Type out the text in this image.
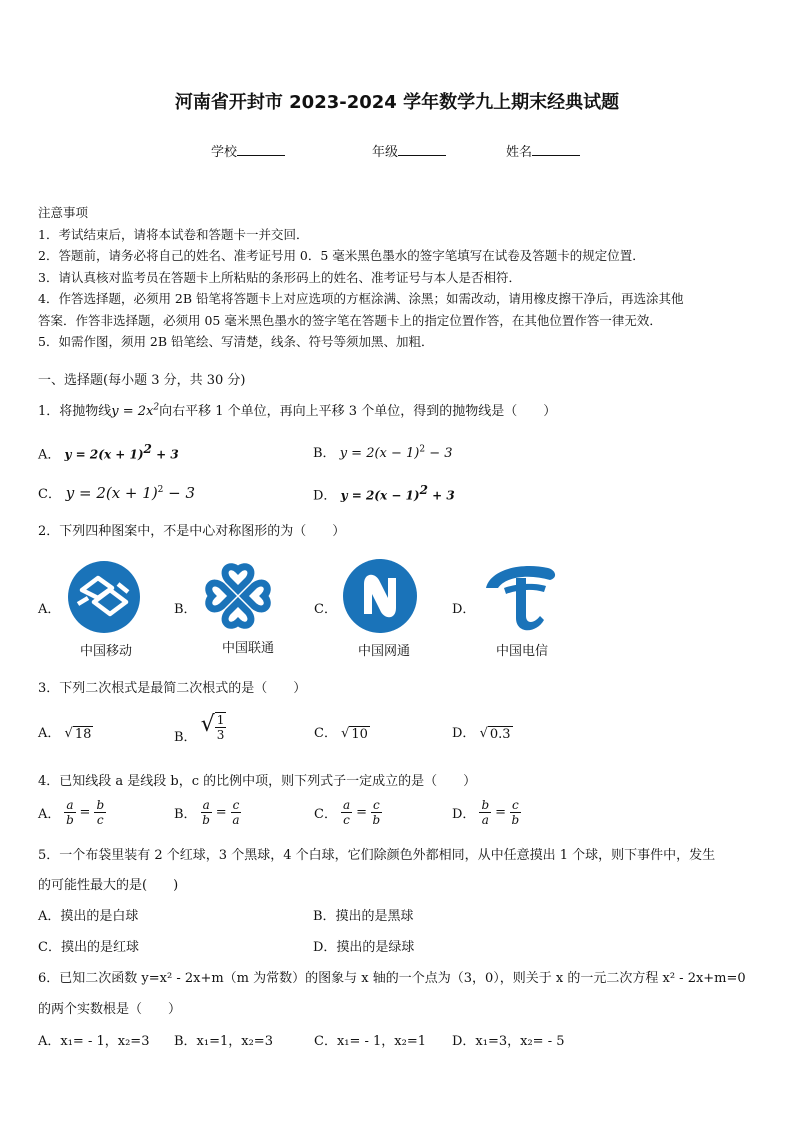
河南省开封市 2023-2024 学年数学九上期末经典试题
学校	年级	姓名
注意事项
1．考试结束后，请将本试卷和答题卡一并交回．
2．答题前，请务必将自己的姓名、准考证号用 0．5 毫米黑色墨水的签字笔填写在试卷及答题卡的规定位置．
3．请认真核对监考员在答题卡上所粘贴的条形码上的姓名、准考证号与本人是否相符．
4．作答选择题，必须用 2B 铅笔将答题卡上对应选项的方框涂满、涂黑；如需改动，请用橡皮擦干净后，再选涂其他
答案．作答非选择题，必须用 05 毫米黑色墨水的签字笔在答题卡上的指定位置作答，在其他位置作答一律无效．
5．如需作图，须用 2B 铅笔绘、写清楚，线条、符号等须加黑、加粗．
一、选择题(每小题 3 分，共 30 分)
1．将抛物线$y = 2x^2$向右平移 1 个单位，再向上平移 3 个单位，得到的抛物线是（　　）
A． $y = 2(x + 1)^2 + 3$	B． $y = 2(x - 1)^2 - 3$
C． $y = 2(x + 1)^2 - 3$	D． $y = 2(x - 1)^2 + 3$
2．下列四种图案中，不是中心对称图形的为（　　）
A．
中国移动
B．
中国联通
C．
中国网通
D．
中国电信
3．下列二次根式是最简二次根式的是（　　）
A． √ 18	B． √ $\frac{1}{3}$	C． √ 10	D． √ 0.3
4．已知线段 a 是线段 b，c 的比例中项，则下列式子一定成立的是（　　）
A． $\frac{a}{b} = \frac{b}{c}$	B． $\frac{a}{b} = \frac{c}{a}$	C． $\frac{a}{c} = \frac{c}{b}$	D． $\frac{b}{a} = \frac{c}{b}$
5．一个布袋里装有 2 个红球，3 个黑球，4 个白球，它们除颜色外都相同，从中任意摸出 1 个球，则下事件中，发生
的可能性最大的是(　　)
A．摸出的是白球	B．摸出的是黑球
C．摸出的是红球	D．摸出的是绿球
6．已知二次函数 y=x² - 2x+m（m 为常数）的图象与 x 轴的一个点为（3，0），则关于 x 的一元二次方程 x² - 2x+m=0
的两个实数根是（　　）
A．x₁= - 1，x₂=3 B．x₁=1，x₂=3	C．x₁= - 1，x₂=1 D．x₁=3，x₂= - 5
